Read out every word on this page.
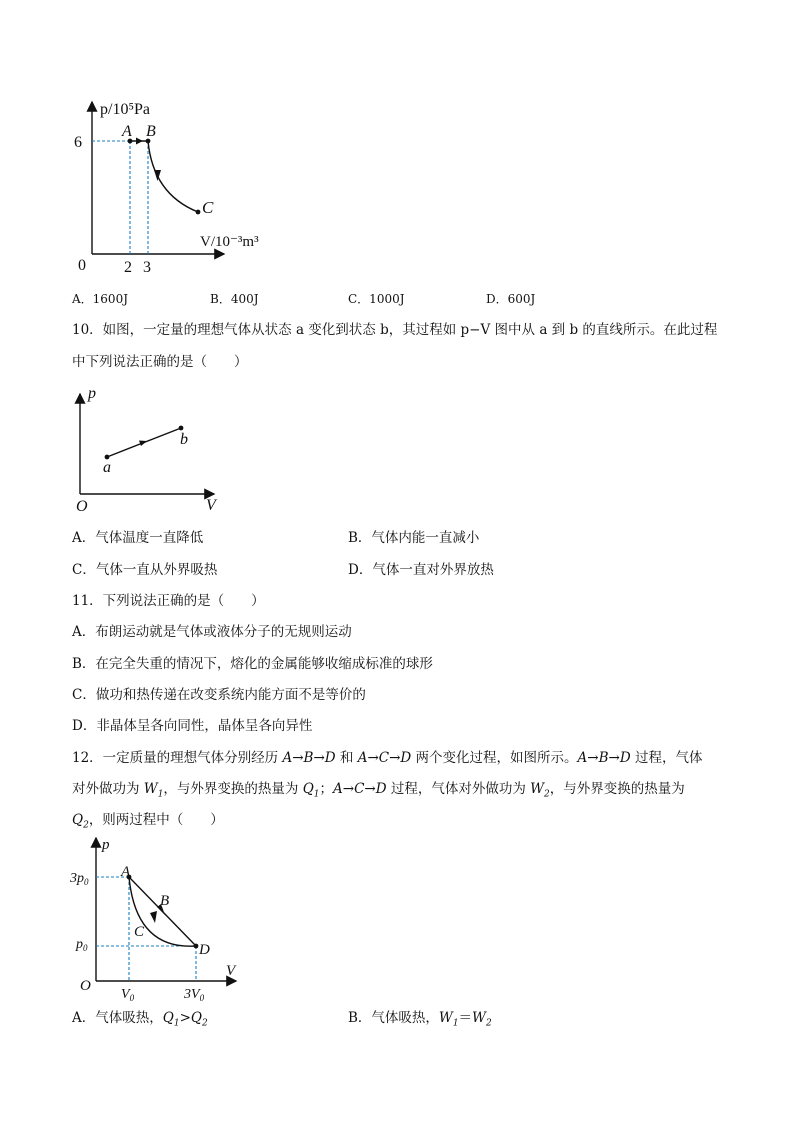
p/10⁵Pa
V/10⁻³m³
6
0 2 3
A B
C
A．1600J	B．400J	C．1000J	D．600J
10．如图，一定量的理想气体从状态 a 变化到状态 b，其过程如 p−V 图中从 a 到 b 的直线所示。在此过程
中下列说法正确的是（　　）
p
V
O
a
b
A．气体温度一直降低	B．气体内能一直减小
C．气体一直从外界吸热	D．气体一直对外界放热
11．下列说法正确的是（　　）
A．布朗运动就是气体或液体分子的无规则运动
B．在完全失重的情况下，熔化的金属能够收缩成标准的球形
C．做功和热传递在改变系统内能方面不是等价的
D．非晶体呈各向同性，晶体呈各向异性
12．一定质量的理想气体分别经历 A→B→D 和 A→C→D 两个变化过程，如图所示。A→B→D 过程，气体
对外做功为 $W_1$，与外界变换的热量为 $Q_1$；A→C→D 过程，气体对外做功为 $W_2$，与外界变换的热量为
$Q_2$，则两过程中（　　）
p
V
O
$3p_0$
$p_0$
$V_0$	$3V_0$
A
B
C
D
A．气体吸热，$Q_1>Q_2$	B．气体吸热，$W_1=W_2$
